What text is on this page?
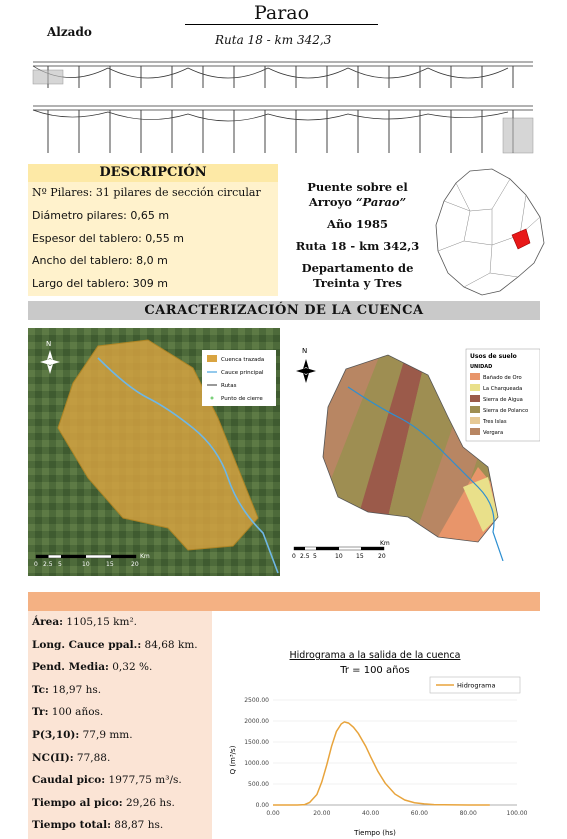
Parao
Alzado
Ruta 18 - km 342,3
DESCRIPCIÓN
Nº Pilares: 31 pilares de sección circular
Diámetro pilares: 0,65 m
Espesor del tablero: 0,55 m
Ancho del tablero: 8,0 m
Largo del tablero: 309 m
Puente sobre el
Arroyo “Parao”
Año 1985
Ruta 18 - km 342,3
Departamento de
Treinta y Tres
CARACTERIZACIÓN DE LA CUENCA
N
Cuenca trazada
Cauce principal
Rutas
Punto de cierre
0 2.5 5	10	15	20
Km
N
Usos de suelo
UNIDAD
Bañado de Oro
La Charqueada
Sierra de Aigua
Sierra de Polanco
Tres Islas
Vergara
0 2.5 5	10 15 20
Km
Área: 1105,15 km².
Long. Cauce ppal.: 84,68 km.
Pend. Media: 0,32 %.
Tc: 18,97 hs.
Tr: 100 años.
P(3,10): 77,9 mm.
NC(II): 77,88.
Caudal pico: 1977,75 m³/s.
Tiempo al pico: 29,26 hs.
Tiempo total: 88,87 hs.
Hidrograma a la salida de la cuenca
Tr = 100 años
0.00
500.00
1000.00
1500.00
2000.00
2500.00
0.00	20.00	40.00	60.00	80.00	100.00
Hidrograma
Tiempo (hs)
Q (m³/s)
